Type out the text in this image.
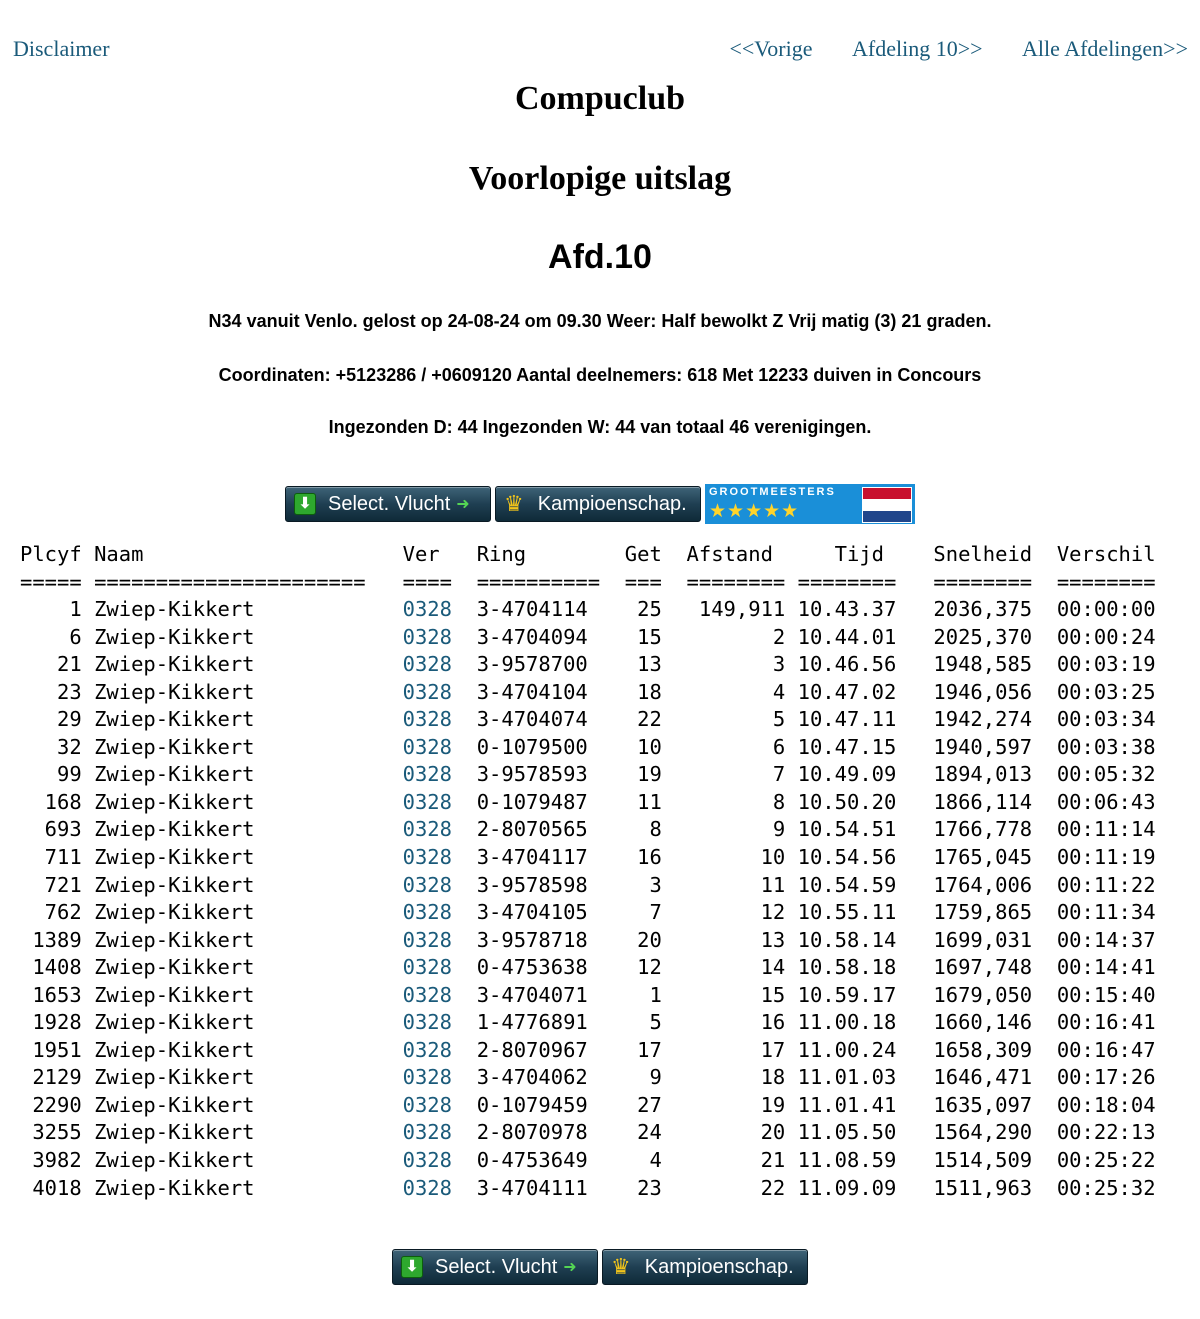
Disclaimer	<<Vorige Afdeling 10>> Alle Afdelingen>>
Compuclub
Voorlopige uitslag
Afd.10
N34 vanuit Venlo. gelost op 24-08-24 om 09.30 Weer: Half bewolkt Z Vrij matig (3) 21 graden.
Coordinaten: +5123286 / +0609120 Aantal deelnemers: 618 Met 12233 duiven in Concours
Ingezonden D: 44 Ingezonden W: 44 van totaal 46 verenigingen.
⬇ Select. Vlucht ➜ ♛ Kampioenschap.
GROOTMEESTERS
★★★★★
Plcyf Naam                     Ver   Ring        Get Afstand     Tijd    Snelheid Verschil
===== ====================== ==== ========== === ======== ======== ======== ========
1 Zwiep-Kikkert            0328 3-4704114    25   149,911 10.43.37 2036,375 00:00:00
6 Zwiep-Kikkert            0328 3-4704094    15         2 10.44.01 2025,370 00:00:24
21 Zwiep-Kikkert            0328 3-9578700    13         3 10.46.56 1948,585 00:03:19
23 Zwiep-Kikkert            0328 3-4704104    18         4 10.47.02 1946,056 00:03:25
29 Zwiep-Kikkert            0328 3-4704074    22         5 10.47.11 1942,274 00:03:34
32 Zwiep-Kikkert            0328 0-1079500    10         6 10.47.15 1940,597 00:03:38
99 Zwiep-Kikkert            0328 3-9578593    19         7 10.49.09 1894,013 00:05:32
168 Zwiep-Kikkert            0328 0-1079487    11         8 10.50.20 1866,114 00:06:43
693 Zwiep-Kikkert            0328 2-8070565     8         9 10.54.51 1766,778 00:11:14
711 Zwiep-Kikkert            0328 3-4704117    16        10 10.54.56 1765,045 00:11:19
721 Zwiep-Kikkert            0328 3-9578598     3        11 10.54.59 1764,006 00:11:22
762 Zwiep-Kikkert            0328 3-4704105     7        12 10.55.11 1759,865 00:11:34
1389 Zwiep-Kikkert            0328 3-9578718    20        13 10.58.14 1699,031 00:14:37
1408 Zwiep-Kikkert            0328 0-4753638    12        14 10.58.18 1697,748 00:14:41
1653 Zwiep-Kikkert            0328 3-4704071     1        15 10.59.17 1679,050 00:15:40
1928 Zwiep-Kikkert            0328 1-4776891     5        16 11.00.18 1660,146 00:16:41
1951 Zwiep-Kikkert            0328 2-8070967    17        17 11.00.24 1658,309 00:16:47
2129 Zwiep-Kikkert            0328 3-4704062     9        18 11.01.03 1646,471 00:17:26
2290 Zwiep-Kikkert            0328 0-1079459    27        19 11.01.41 1635,097 00:18:04
3255 Zwiep-Kikkert            0328 2-8070978    24        20 11.05.50 1564,290 00:22:13
3982 Zwiep-Kikkert            0328 0-4753649     4        21 11.08.59 1514,509 00:25:22
4018 Zwiep-Kikkert            0328 3-4704111    23        22 11.09.09 1511,963 00:25:32

⬇ Select. Vlucht ➜ ♛ Kampioenschap.
